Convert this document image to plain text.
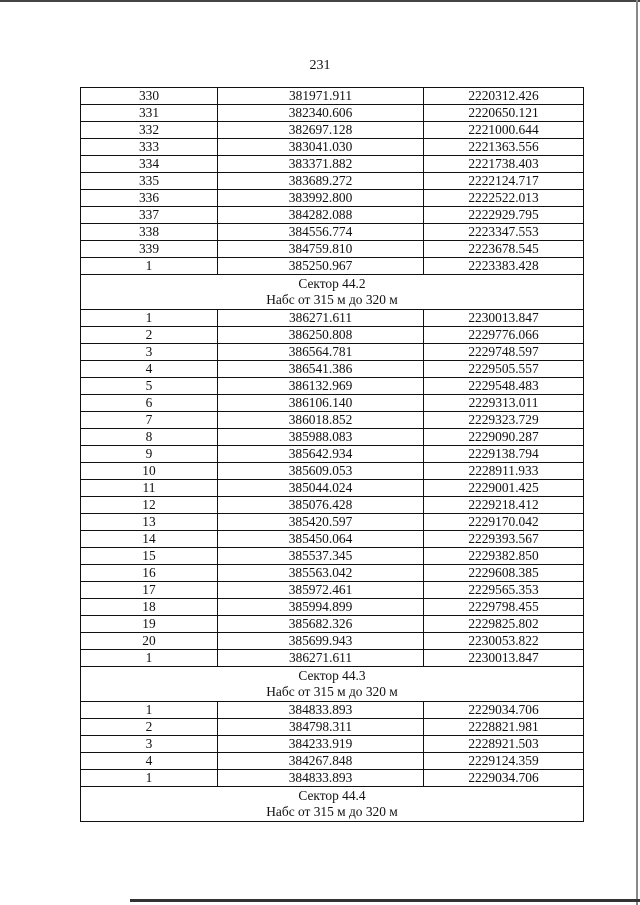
231
330	381971.911	2220312.426
331	382340.606	2220650.121
332	382697.128	2221000.644
333	383041.030	2221363.556
334	383371.882	2221738.403
335	383689.272	2222124.717
336	383992.800	2222522.013
337	384282.088	2222929.795
338	384556.774	2223347.553
339	384759.810	2223678.545
1	385250.967	2223383.428

Сектор 44.2
Набс от 315 м до 320 м		

1	386271.611	2230013.847
2	386250.808	2229776.066
3	386564.781	2229748.597
4	386541.386	2229505.557
5	386132.969	2229548.483
6	386106.140	2229313.011
7	386018.852	2229323.729
8	385988.083	2229090.287
9	385642.934	2229138.794
10	385609.053	2228911.933
11	385044.024	2229001.425
12	385076.428	2229218.412
13	385420.597	2229170.042
14	385450.064	2229393.567
15	385537.345	2229382.850
16	385563.042	2229608.385
17	385972.461	2229565.353
18	385994.899	2229798.455
19	385682.326	2229825.802
20	385699.943	2230053.822
1	386271.611	2230013.847

Сектор 44.3
Набс от 315 м до 320 м		

1	384833.893	2229034.706
2	384798.311	2228821.981
3	384233.919	2228921.503
4	384267.848	2229124.359
1	384833.893	2229034.706

Сектор 44.4
Набс от 315 м до 320 м		
